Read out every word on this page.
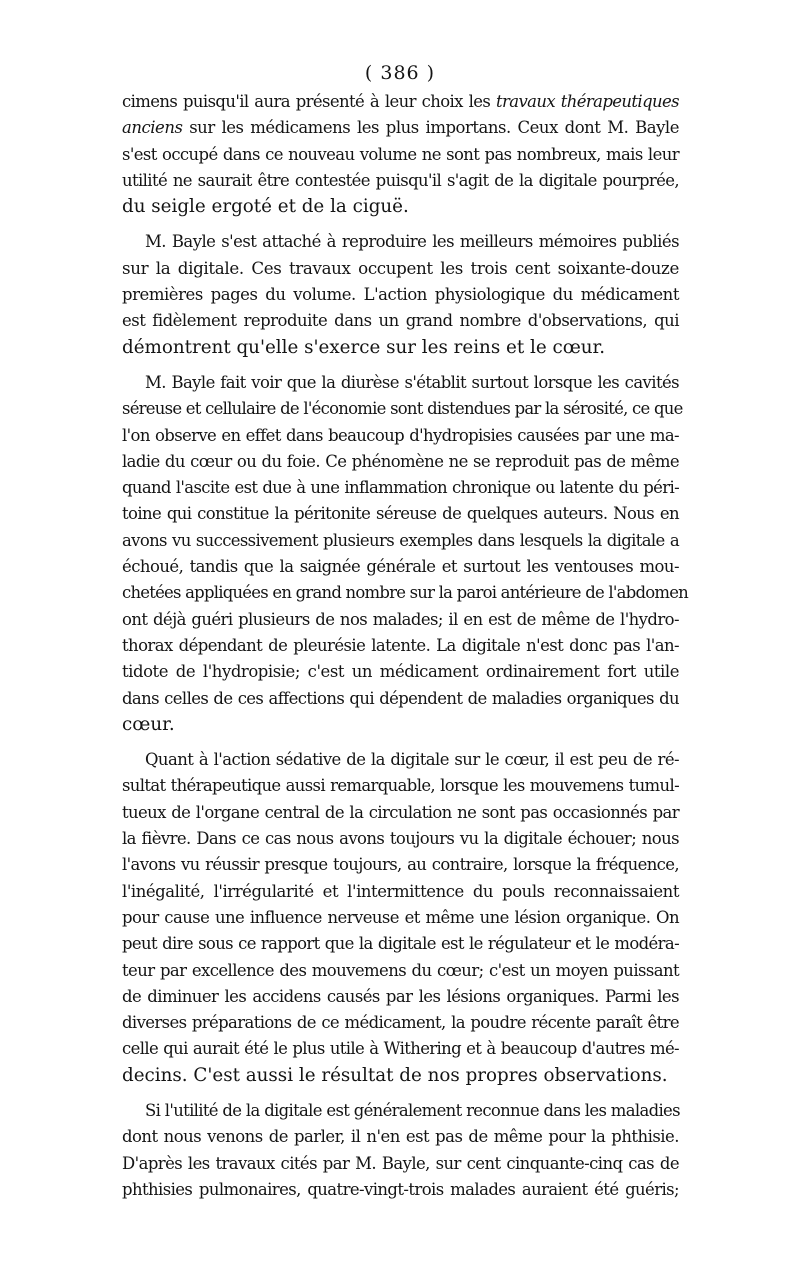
( 386 )
cimens puisqu'il aura présenté à leur choix les travaux thérapeutiques
anciens sur les médicamens les plus importans. Ceux dont M. Bayle
s'est occupé dans ce nouveau volume ne sont pas nombreux, mais leur
utilité ne saurait être contestée puisqu'il s'agit de la digitale pourprée,
du seigle ergoté et de la ciguë.
M. Bayle s'est attaché à reproduire les meilleurs mémoires publiés
sur la digitale. Ces travaux occupent les trois cent soixante-douze
premières pages du volume. L'action physiologique du médicament
est fidèlement reproduite dans un grand nombre d'observations, qui
démontrent qu'elle s'exerce sur les reins et le cœur.
M. Bayle fait voir que la diurèse s'établit surtout lorsque les cavités
séreuse et cellulaire de l'économie sont distendues par la sérosité, ce que
l'on observe en effet dans beaucoup d'hydropisies causées par une ma-
ladie du cœur ou du foie. Ce phénomène ne se reproduit pas de même
quand l'ascite est due à une inflammation chronique ou latente du péri-
toine qui constitue la péritonite séreuse de quelques auteurs. Nous en
avons vu successivement plusieurs exemples dans lesquels la digitale a
échoué, tandis que la saignée générale et surtout les ventouses mou-
chetées appliquées en grand nombre sur la paroi antérieure de l'abdomen
ont déjà guéri plusieurs de nos malades; il en est de même de l'hydro-
thorax dépendant de pleurésie latente. La digitale n'est donc pas l'an-
tidote de l'hydropisie; c'est un médicament ordinairement fort utile
dans celles de ces affections qui dépendent de maladies organiques du
cœur.
Quant à l'action sédative de la digitale sur le cœur, il est peu de ré-
sultat thérapeutique aussi remarquable, lorsque les mouvemens tumul-
tueux de l'organe central de la circulation ne sont pas occasionnés par
la fièvre. Dans ce cas nous avons toujours vu la digitale échouer; nous
l'avons vu réussir presque toujours, au contraire, lorsque la fréquence,
l'inégalité, l'irrégularité et l'intermittence du pouls reconnaissaient
pour cause une influence nerveuse et même une lésion organique. On
peut dire sous ce rapport que la digitale est le régulateur et le modéra-
teur par excellence des mouvemens du cœur; c'est un moyen puissant
de diminuer les accidens causés par les lésions organiques. Parmi les
diverses préparations de ce médicament, la poudre récente paraît être
celle qui aurait été le plus utile à Withering et à beaucoup d'autres mé-
decins. C'est aussi le résultat de nos propres observations.
Si l'utilité de la digitale est généralement reconnue dans les maladies
dont nous venons de parler, il n'en est pas de même pour la phthisie.
D'après les travaux cités par M. Bayle, sur cent cinquante-cinq cas de
phthisies pulmonaires, quatre-vingt-trois malades auraient été guéris;
